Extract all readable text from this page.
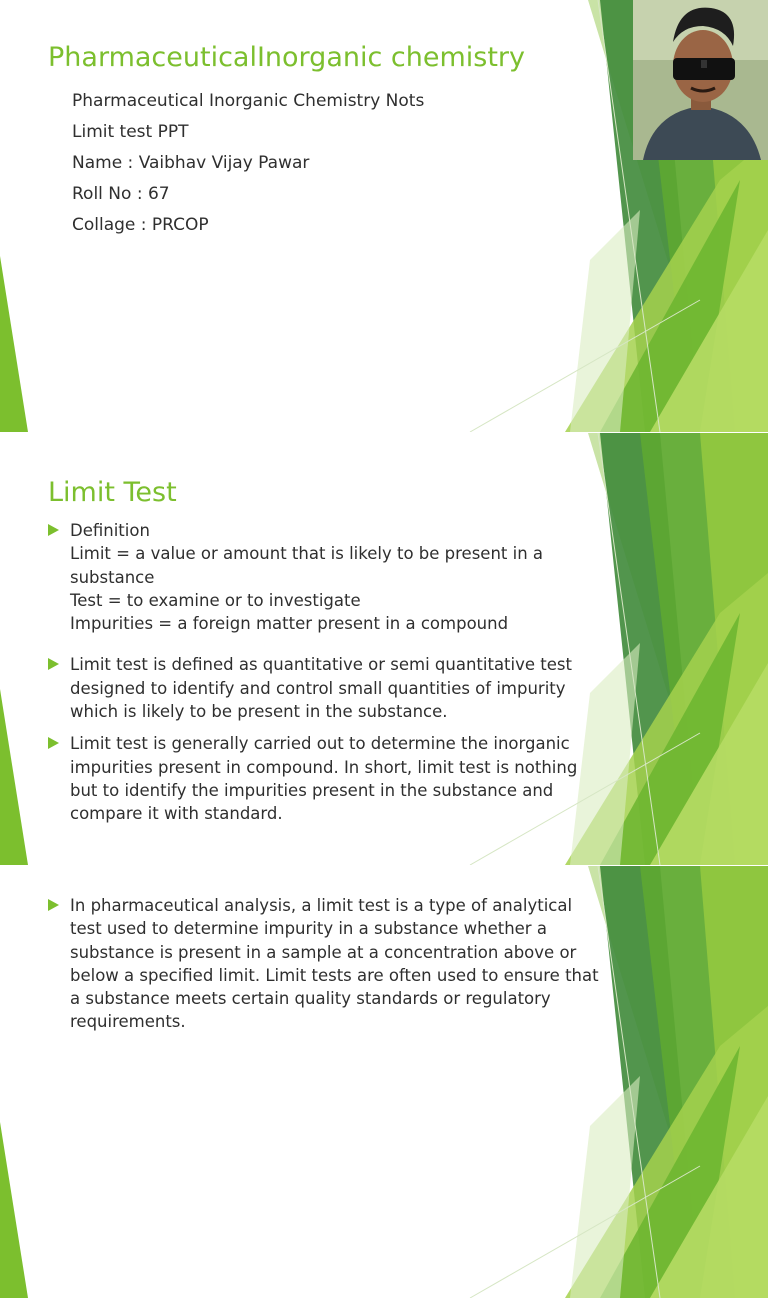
PharmaceuticalInorganic chemistry
Pharmaceutical Inorganic Chemistry Nots
Limit test PPT
Name : Vaibhav Vijay Pawar
Roll No : 67
Collage : PRCOP
Limit Test
Definition
Limit = a value or amount that is likely to be present in a substance
Test = to examine or to investigate
Impurities = a foreign matter present in a compound
Limit test is defined as quantitative or semi quantitative test designed to identify and control small quantities of impurity which is likely to be present in the substance.
Limit test is generally carried out to determine the inorganic impurities present in compound. In short, limit test is nothing but to identify the impurities present in the substance and compare it with standard.
In pharmaceutical analysis, a limit test is a type of analytical test used to determine impurity in a substance whether a substance is present in a sample at a concentration above or below a specified limit. Limit tests are often used to ensure that a substance meets certain quality standards or regulatory requirements.
